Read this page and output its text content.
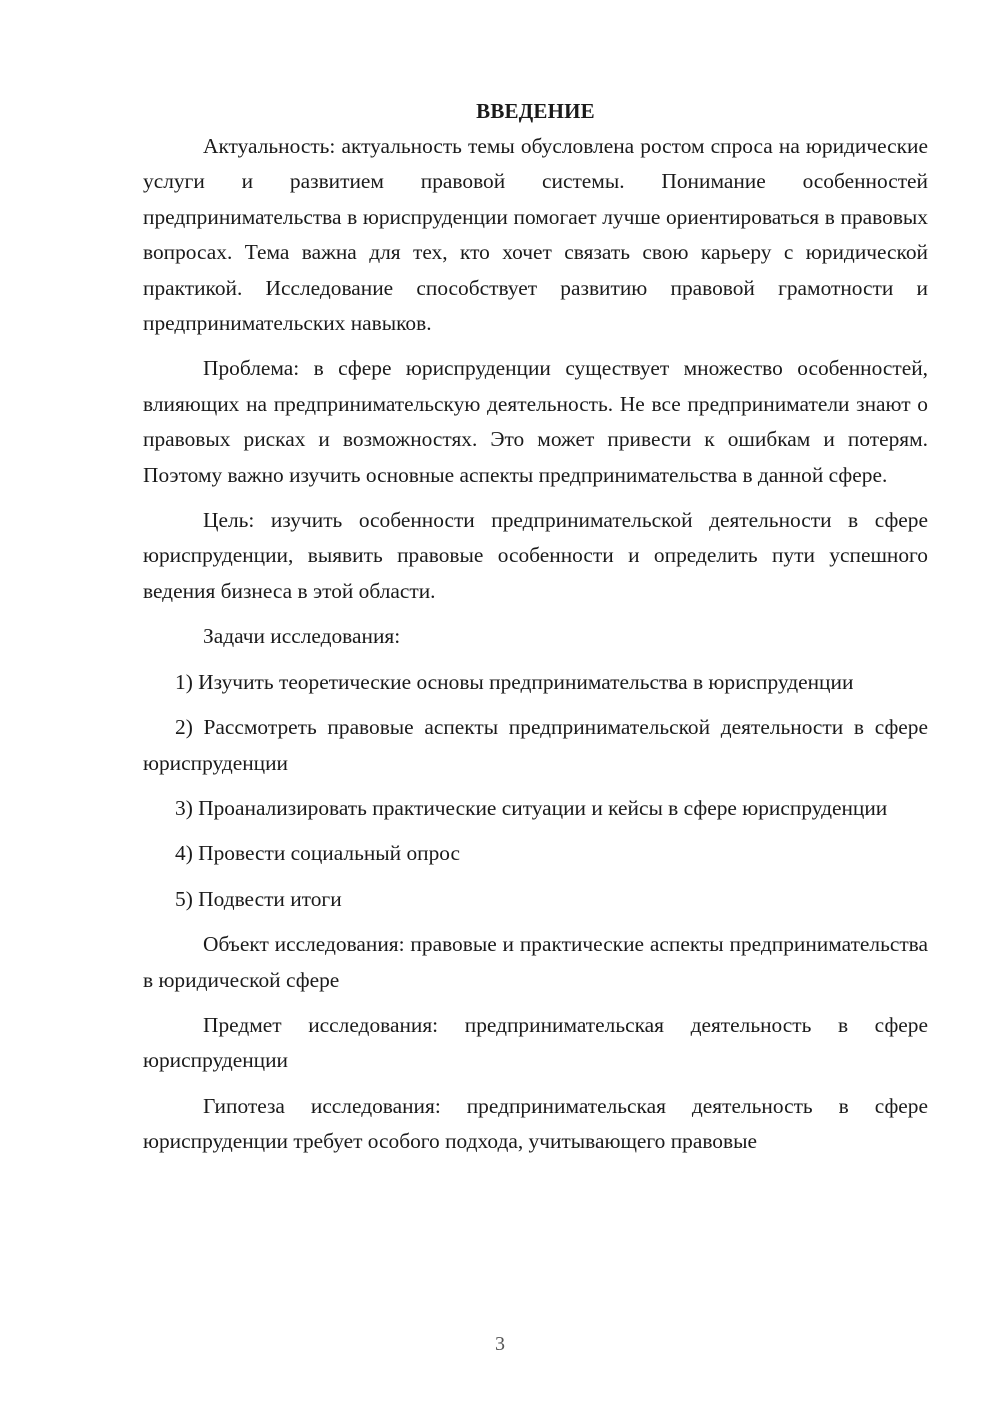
ВВЕДЕНИЕ

Актуальность: актуальность темы обусловлена ростом спроса на юридические услуги и развитием правовой системы. Понимание особенностей предпринимательства в юриспруденции помогает лучше ориентироваться в правовых вопросах. Тема важна для тех, кто хочет связать свою карьеру с юридической практикой. Исследование способствует развитию правовой грамотности и предпринимательских навыков.

Проблема: в сфере юриспруденции существует множество особенностей, влияющих на предпринимательскую деятельность. Не все предприниматели знают о правовых рисках и возможностях. Это может привести к ошибкам и потерям. Поэтому важно изучить основные аспекты предпринимательства в данной сфере.

Цель: изучить особенности предпринимательской деятельности в сфере юриспруденции, выявить правовые особенности и определить пути успешного ведения бизнеса в этой области.

Задачи исследования:

1) Изучить теоретические основы предпринимательства в юриспруденции

2) Рассмотреть правовые аспекты предпринимательской деятельности в сфере юриспруденции

3) Проанализировать практические ситуации и кейсы в сфере юриспруденции

4) Провести социальный опрос

5) Подвести итоги

Объект исследования: правовые и практические аспекты предпринимательства в юридической сфере

Предмет исследования: предпринимательская деятельность в сфере юриспруденции

Гипотеза исследования: предпринимательская деятельность в сфере юриспруденции требует особого подхода, учитывающего правовые

3
